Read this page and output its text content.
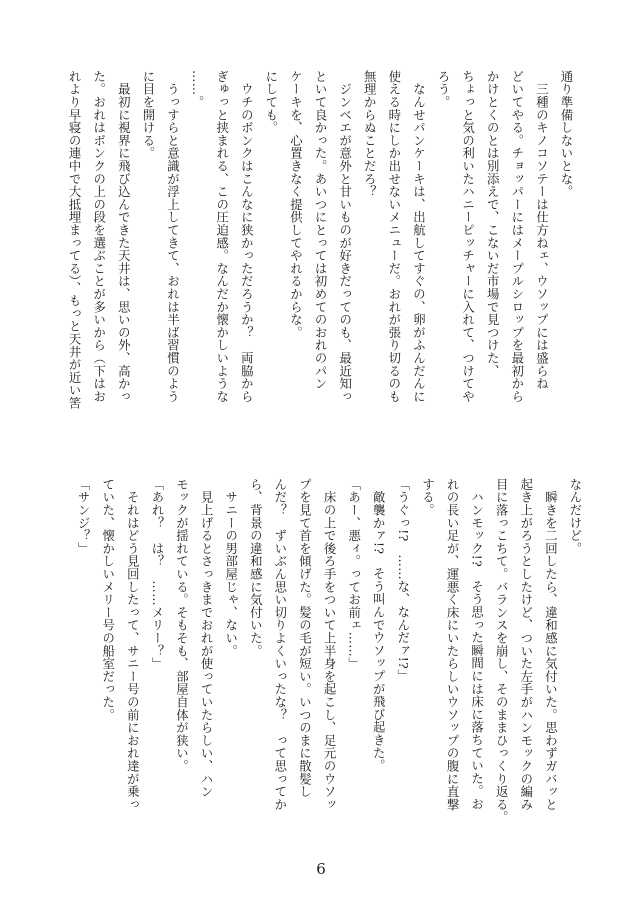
通り準備しないとな。
　三種のキノコソテーは仕方ねェ、ウソップには盛らね
どいてやる。チョッパーにはメープルシロップを最初から
かけとくのとは別添えで、こないだ市場で見つけた、
ちょっと気の利いたハニーピッチャーに入れて、つけてや
ろう。
　なんせパンケーキは、出航してすぐの、卵がふんだんに
使える時にしか出せないメニューだ。おれが張り切るのも
無理からぬことだろ？
　ジンベエが意外と甘いものが好きだってのも、最近知っ
といて良かった。あいつにとっては初めてのおれのパン
ケーキを、心置きなく提供してやれるからな。
にしても。
　ウチのボンクはこんなに狭かっただろうか？　両脇から
ぎゅっと挟まれる、この圧迫感。なんだか懐かしいような
……。
　うっすらと意識が浮上してきて、おれは半ば習慣のよう
に目を開ける。
　最初に視界に飛び込んできた天井は、思いの外、高かっ
た。おれはボンクの上の段を選ぶことが多いから（下はお
れより早寝の連中で大抵埋まってる）、もっと天井が近い筈
なんだけど。
　瞬きを二回したら、違和感に気付いた。思わずガバッと
起き上がろうとしたけど、ついた左手がハンモックの編み
目に落っこちて。バランスを崩し、そのままひっくり返る。
　ハンモック!?　そう思った瞬間には床に落ちていた。お
れの長い足が、運悪く床にいたらしいウソップの腹に直撃
する。
「うぐっ!?　……な、なんだァ!?」
　敵襲かァ!?　そう叫んでウソップが飛び起きた。
「あー、悪ィ。ってお前ェ……」
　床の上で後ろ手をついて上半身を起こし、足元のウソッ
プを見て首を傾げた。髪の毛が短い。いつのまに散髪し
んだ？　ずいぶん思い切りよくいったな？　って思ってか
ら、背景の違和感に気付いた。
　サニーの男部屋じゃ、ない。
　見上げるとさっきまでおれが使っていたらしい、ハン
モックが揺れている。そもそも、部屋自体が狭い。
「あれ？　は？　……メリー？」
　それはどう見回したって、サニー号の前におれ達が乗っ
ていた、懐かしいメリー号の船室だった。
「サンジ？」
6
